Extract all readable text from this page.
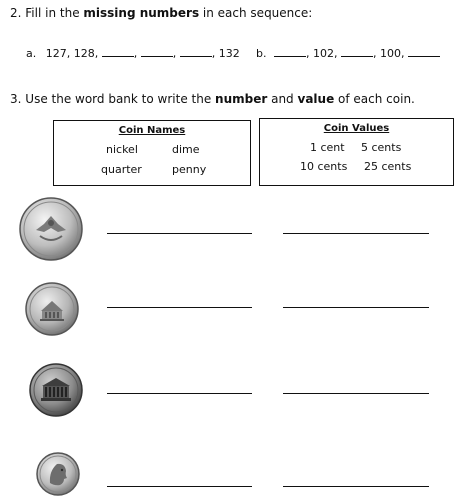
2. Fill in the missing numbers in each sequence:
a. 127, 128,	,	,	, 132 b.	, 102,	, 100,
3. Use the word bank to write the number and value of each coin.
Coin Names
nickel	dime
quarter	penny
Coin Values
1 cent 5 cents
10 cents 25 cents
